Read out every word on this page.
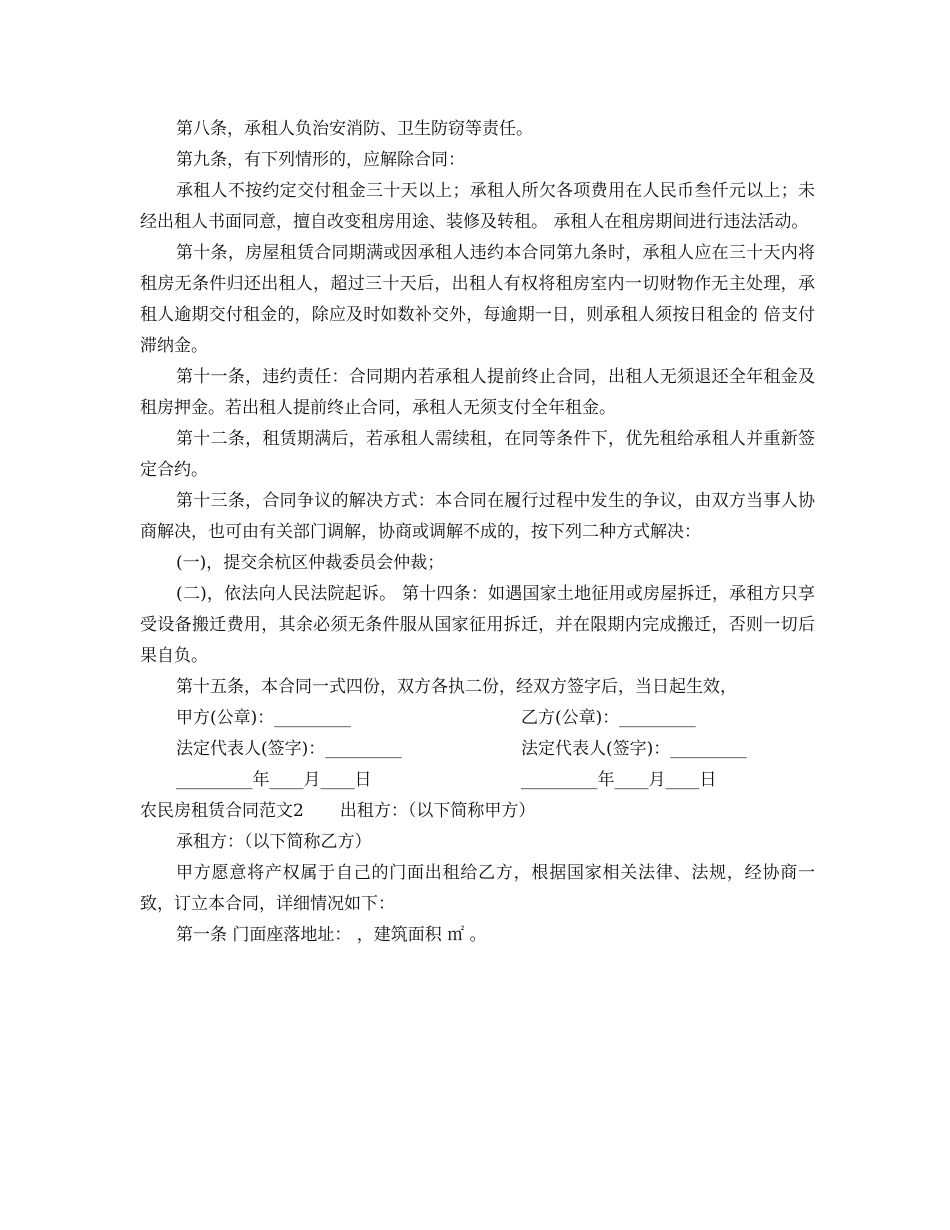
第八条，承租人负治安消防、卫生防窃等责任。

第九条，有下列情形的，应解除合同：

承租人不按约定交付租金三十天以上；承租人所欠各项费用在人民币叁仟元以上；未经出租人书面同意，擅自改变租房用途、装修及转租。 承租人在租房期间进行违法活动。

第十条，房屋租赁合同期满或因承租人违约本合同第九条时，承租人应在三十天内将租房无条件归还出租人，超过三十天后，出租人有权将租房室内一切财物作无主处理，承租人逾期交付租金的，除应及时如数补交外，每逾期一日，则承租人须按日租金的 倍支付滞纳金。

第十一条，违约责任：合同期内若承租人提前终止合同，出租人无须退还全年租金及租房押金。若出租人提前终止合同，承租人无须支付全年租金。

第十二条，租赁期满后，若承租人需续租，在同等条件下，优先租给承租人并重新签定合约。

第十三条，合同争议的解决方式：本合同在履行过程中发生的争议，由双方当事人协商解决，也可由有关部门调解，协商或调解不成的，按下列二种方式解决：

(一)，提交余杭区仲裁委员会仲裁；

(二)，依法向人民法院起诉。 第十四条：如遇国家土地征用或房屋拆迁，承租方只享受设备搬迁费用，其余必须无条件服从国家征用拆迁，并在限期内完成搬迁，否则一切后果自负。

第十五条，本合同一式四份，双方各执二份，经双方签字后，当日起生效，

甲方(公章)：_________	乙方(公章)：_________
法定代表人(签字)：_________	法定代表人(签字)：_________
_________年____月____日	_________年____月____日

农民房租赁合同范文2 出租方：（以下简称甲方）

承租方：（以下简称乙方）

甲方愿意将产权属于自己的门面出租给乙方，根据国家相关法律、法规，经协商一致，订立本合同，详细情况如下：

第一条 门面座落地址： ，建筑面积 ㎡ 。
